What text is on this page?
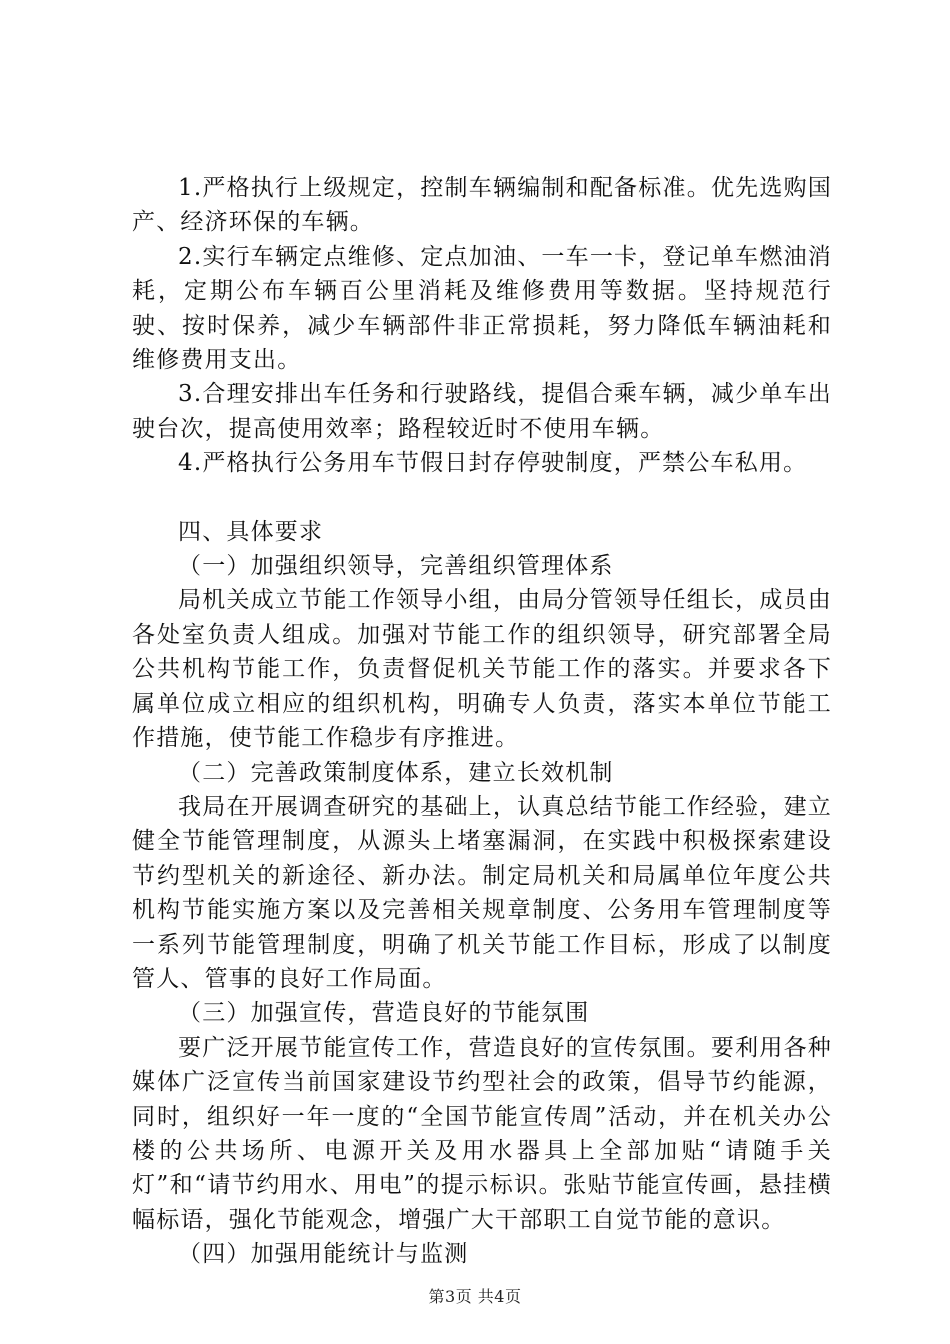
1.严格执行上级规定，控制车辆编制和配备标准。优先选购国产、经济环保的车辆。

2.实行车辆定点维修、定点加油、一车一卡，登记单车燃油消耗，定期公布车辆百公里消耗及维修费用等数据。坚持规范行驶、按时保养，减少车辆部件非正常损耗，努力降低车辆油耗和维修费用支出。

3.合理安排出车任务和行驶路线，提倡合乘车辆，减少单车出驶台次，提高使用效率；路程较近时不使用车辆。

4.严格执行公务用车节假日封存停驶制度，严禁公车私用。

四、具体要求

（一）加强组织领导，完善组织管理体系

局机关成立节能工作领导小组，由局分管领导任组长，成员由各处室负责人组成。加强对节能工作的组织领导，研究部署全局公共机构节能工作，负责督促机关节能工作的落实。并要求各下属单位成立相应的组织机构，明确专人负责，落实本单位节能工作措施，使节能工作稳步有序推进。

（二）完善政策制度体系，建立长效机制

我局在开展调查研究的基础上，认真总结节能工作经验，建立健全节能管理制度，从源头上堵塞漏洞，在实践中积极探索建设节约型机关的新途径、新办法。制定局机关和局属单位年度公共机构节能实施方案以及完善相关规章制度、公务用车管理制度等一系列节能管理制度，明确了机关节能工作目标，形成了以制度管人、管事的良好工作局面。

（三）加强宣传，营造良好的节能氛围

要广泛开展节能宣传工作，营造良好的宣传氛围。要利用各种媒体广泛宣传当前国家建设节约型社会的政策，倡导节约能源，同时，组织好一年一度的“全国节能宣传周”活动，并在机关办公楼的公共场所、电源开关及用水器具上全部加贴“请随手关灯”和“请节约用水、用电”的提示标识。张贴节能宣传画，悬挂横幅标语，强化节能观念，增强广大干部职工自觉节能的意识。

（四）加强用能统计与监测

第3页 共4页
